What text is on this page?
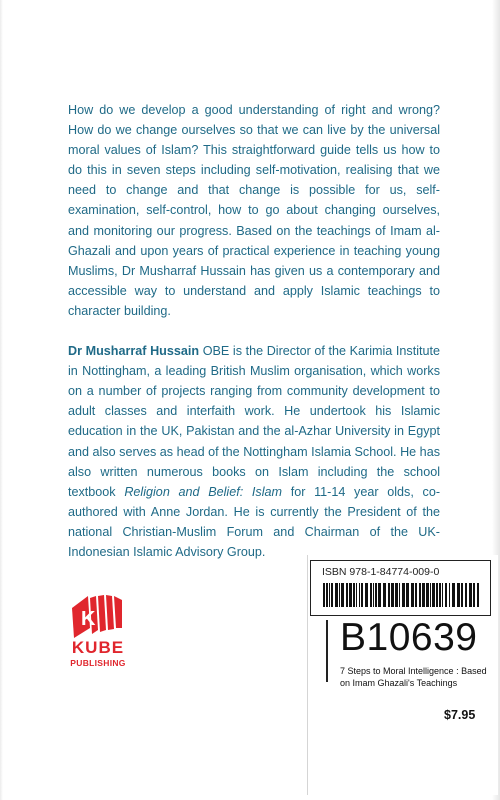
How do we develop a good understanding of right and wrong? How do we change ourselves so that we can live by the universal moral values of Islam? This straightforward guide tells us how to do this in seven steps including self-motivation, realising that we need to change and that change is possible for us, self-examination, self-control, how to go about changing ourselves, and monitoring our progress. Based on the teachings of Imam al-Ghazali and upon years of practical experience in teaching young Muslims, Dr Musharraf Hussain has given us a contemporary and accessible way to understand and apply Islamic teachings to character building.

Dr Musharraf Hussain OBE is the Director of the Karimia Institute in Nottingham, a leading British Muslim organisation, which works on a number of projects ranging from community development to adult classes and interfaith work. He undertook his Islamic education in the UK, Pakistan and the al-Azhar University in Egypt and also serves as head of the Nottingham Islamia School. He has also written numerous books on Islam including the school textbook Religion and Belief: Islam for 11-14 year olds, co-authored with Anne Jordan. He is currently the President of the national Christian-Muslim Forum and Chairman of the UK-Indonesian Islamic Advisory Group.

K
KUBE
PUBLISHING
ISBN 978-1-84774-009-0
B10639
7 Steps to Moral Intelligence : Based on Imam Ghazali's Teachings
$7.95
